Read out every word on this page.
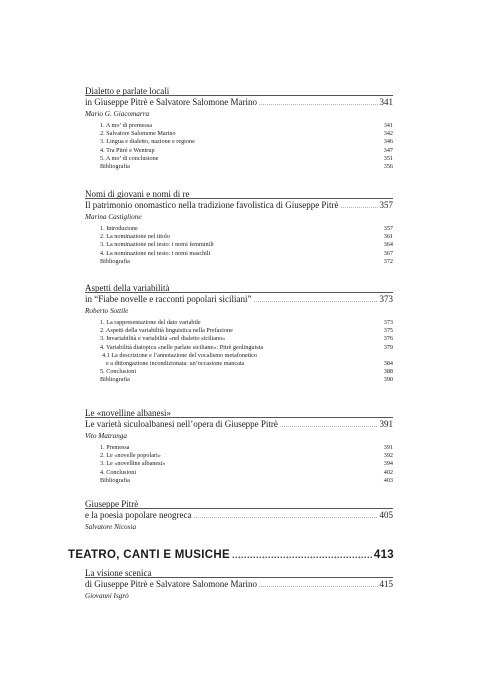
Dialetto e parlate locali
in Giuseppe Pitrè e Salvatore Salomone Marino .....	341
Mario G. Giacomarra
1. A mo’ di premessa	341
2. Salvatore Salomone Marino	342
3. Lingua e dialetto, nazione e regione	346
4. Tra Pitrè e Wentrup	347
5. A mo’ di conclusione	351
Bibliografia	356
Nomi di giovani e nomi di re
Il patrimonio onomastico nella tradizione favolistica di Giuseppe Pitrè .....	357
Marina Castiglione
1. Introduzione	357
2. La nominazione nel titolo	361
3. La nominazione nel testo: i nomi femminili	364
4. La nominazione nel testo: i nomi maschili	367
Bibliografia	372
Aspetti della variabilità
in “Fiabe novelle e racconti popolari siciliani” .....	373
Roberto Sottile
1. La rappresentazione del dato variabile	373
2. Aspetti della variabilità linguistica nella Prefazione	375
3. Invariabilità e variabilità «nel dialetto siciliano»	376
4. Variabilità diatopica «nelle parlate siciliane»: Pitrè geolinguista	379
4.1 La descrizione e l’annotazione del vocalismo metafonetico
e a dittongazione incondizionata: un’occasione mancata	384
5. Conclusioni	388
Bibliografia	390
Le «novelline albanesi»
Le varietà siculoalbanesi nell’opera di Giuseppe Pitrè .....	391
Vito Matranga
1. Premessa	391
2. Le «novelle popolari»	392
3. Le «novelline albanesi»	394
4. Conclusioni	402
Bibliografia	403
Giuseppe Pitrè
e la poesia popolare neogreca .....	405
Salvatore Nicosia
TEATRO, CANTI E MUSICHE .....	413
La visione scenica
di Giuseppe Pitrè e Salvatore Salomone Marino .....	415
Giovanni Isgrò
